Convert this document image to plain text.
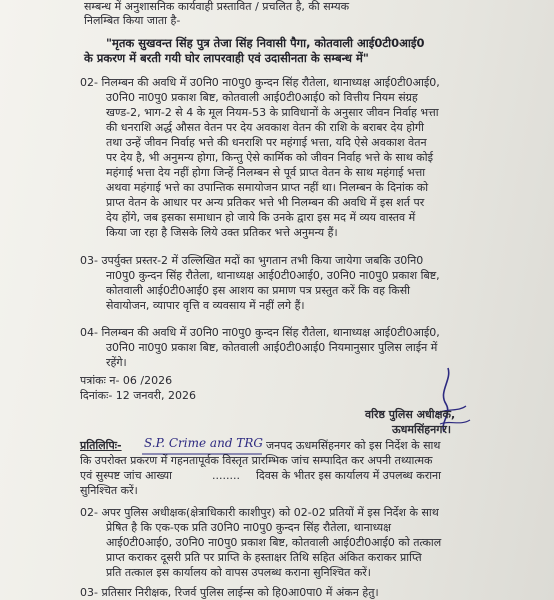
सम्बन्ध में अनुशासनिक कार्यवाही प्रस्तावित / प्रचलित है, की सम्यक

निलम्बित किया जाता है-

"मृतक सुखवन्त सिंह पुत्र तेजा सिंह निवासी पैगा, कोतवाली आई0टी0आई0

के प्रकरण में बरती गयी घोर लापरवाही एवं उदासीनता के सम्बन्ध में"

02- निलम्बन की अवधि में उ0नि0 ना0पु0 कुन्दन सिंह रौतेला, थानाध्यक्ष आई0टी0आई0,

उ0नि0 ना0पु0 प्रकाश बिष्ट, कोतवाली आई0टी0आई0 को वित्तीय नियम संग्रह

खण्ड-2, भाग-2 से 4 के मूल नियम-53 के प्राविधानों के अनुसार जीवन निर्वाह भत्ता

की धनराशि अर्द्ध औसत वेतन पर देय अवकाश वेतन की राशि के बराबर देय होगी

तथा उन्हें जीवन निर्वाह भत्ते की धनराशि पर महंगाई भत्ता, यदि ऐसे अवकाश वेतन

पर देय है, भी अनुमन्य होगा, किन्तु ऐसे कार्मिक को जीवन निर्वाह भत्ते के साथ कोई

महंगाई भत्ता देय नहीं होगा जिन्हें निलम्बन से पूर्व प्राप्त वेतन के साथ महंगाई भत्ता

अथवा महंगाई भत्ते का उपान्तिक समायोजन प्राप्त नहीं था। निलम्बन के दिनांक को

प्राप्त वेतन के आधार पर अन्य प्रतिकर भत्ते भी निलम्बन की अवधि में इस शर्त पर

देय होंगे, जब इसका समाधान हो जाये कि उनके द्वारा इस मद में व्यय वास्तव में

किया जा रहा है जिसके लिये उक्त प्रतिकर भत्ते अनुमन्य हैं।

03- उपर्युक्त प्रस्तर-2 में उल्लिखित मदों का भुगतान तभी किया जायेगा जबकि उ0नि0

ना0पु0 कुन्दन सिंह रौतेला, थानाध्यक्ष आई0टी0आई0, उ0नि0 ना0पु0 प्रकाश बिष्ट,

कोतवाली आई0टी0आई0 इस आशय का प्रमाण पत्र प्रस्तुत करें कि वह किसी

सेवायोजन, व्यापार वृत्ति व व्यवसाय में नहीं लगे हैं।

04- निलम्बन की अवधि में उ0नि0 ना0पु0 कुन्दन सिंह रौतेला, थानाध्यक्ष आई0टी0आई0,

उ0नि0 ना0पु0 प्रकाश बिष्ट, कोतवाली आई0टी0आई0 नियमानुसार पुलिस लाईन में

रहेंगे।

पत्रांकः न- 06 /2026

दिनांकः- 12 जनवरी, 2026

वरिष्ठ पुलिस अधीक्षक,

ऊधमसिंहनगर।

प्रतिलिपिः- S.P. Crime and TRG जनपद ऊधमसिंहनगर को इस निर्देश के साथ

कि उपरोक्त प्रकरण में गहनतापूर्वक विस्तृत प्रारम्भिक जांच सम्पादित कर अपनी तथ्यात्मक

एवं सुस्पष्ट जांच आख्या	........ दिवस के भीतर इस कार्यालय में उपलब्ध कराना

सुनिश्चित करें।

02- अपर पुलिस अधीक्षक(क्षेत्राधिकारी काशीपुर) को 02-02 प्रतियों में इस निर्देश के साथ

प्रेषित है कि एक-एक प्रति उ0नि0 ना0पु0 कुन्दन सिंह रौतेला, थानाध्यक्ष

आई0टी0आई0, उ0नि0 ना0पु0 प्रकाश बिष्ट, कोतवाली आई0टी0आई0 को तत्काल

प्राप्त कराकर दूसरी प्रति पर प्राप्ति के हस्ताक्षर तिथि सहित अंकित कराकर प्राप्ति

प्रति तत्काल इस कार्यालय को वापस उपलब्ध कराना सुनिश्चित करें।

03- प्रतिसार निरीक्षक, रिजर्व पुलिस लाईन्स को हि0आ0पा0 में अंकन हेतु।
